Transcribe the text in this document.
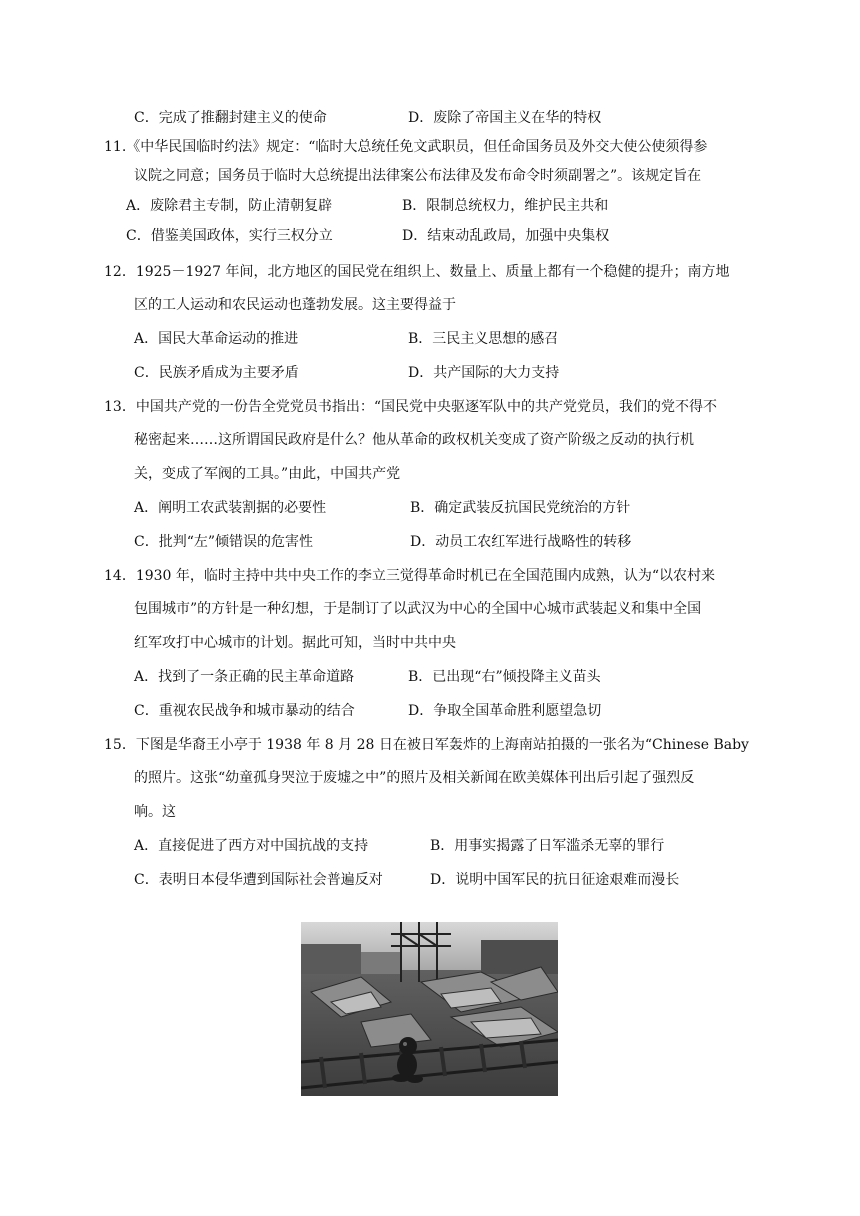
C．完成了推翻封建主义的使命	D．废除了帝国主义在华的特权
11.《中华民国临时约法》规定：“临时大总统任免文武职员，但任命国务员及外交大使公使须得参
议院之同意；国务员于临时大总统提出法律案公布法律及发布命令时须副署之”。该规定旨在
A．废除君主专制，防止清朝复辟	B．限制总统权力，维护民主共和
C．借鉴美国政体，实行三权分立	D．结束动乱政局，加强中央集权
12．1925－1927 年间，北方地区的国民党在组织上、数量上、质量上都有一个稳健的提升；南方地
区的工人运动和农民运动也蓬勃发展。这主要得益于
A．国民大革命运动的推进	B．三民主义思想的感召
C．民族矛盾成为主要矛盾	D．共产国际的大力支持
13．中国共产党的一份告全党党员书指出：“国民党中央驱逐军队中的共产党党员，我们的党不得不
秘密起来……这所谓国民政府是什么？他从革命的政权机关变成了资产阶级之反动的执行机
关，变成了军阀的工具。”由此，中国共产党
A．阐明工农武装割据的必要性	B．确定武装反抗国民党统治的方针
C．批判“左”倾错误的危害性	D．动员工农红军进行战略性的转移
14．1930 年，临时主持中共中央工作的李立三觉得革命时机已在全国范围内成熟，认为“以农村来
包围城市”的方针是一种幻想，于是制订了以武汉为中心的全国中心城市武装起义和集中全国
红军攻打中心城市的计划。据此可知，当时中共中央
A．找到了一条正确的民主革命道路	B．已出现“右”倾投降主义苗头
C．重视农民战争和城市暴动的结合	D．争取全国革命胜利愿望急切
15．下图是华裔王小亭于 1938 年 8 月 28 日在被日军轰炸的上海南站拍摄的一张名为“Chinese Baby
的照片。这张“幼童孤身哭泣于废墟之中”的照片及相关新闻在欧美媒体刊出后引起了强烈反
响。这
A．直接促进了西方对中国抗战的支持	B．用事实揭露了日军滥杀无辜的罪行
C．表明日本侵华遭到国际社会普遍反对	D．说明中国军民的抗日征途艰难而漫长
